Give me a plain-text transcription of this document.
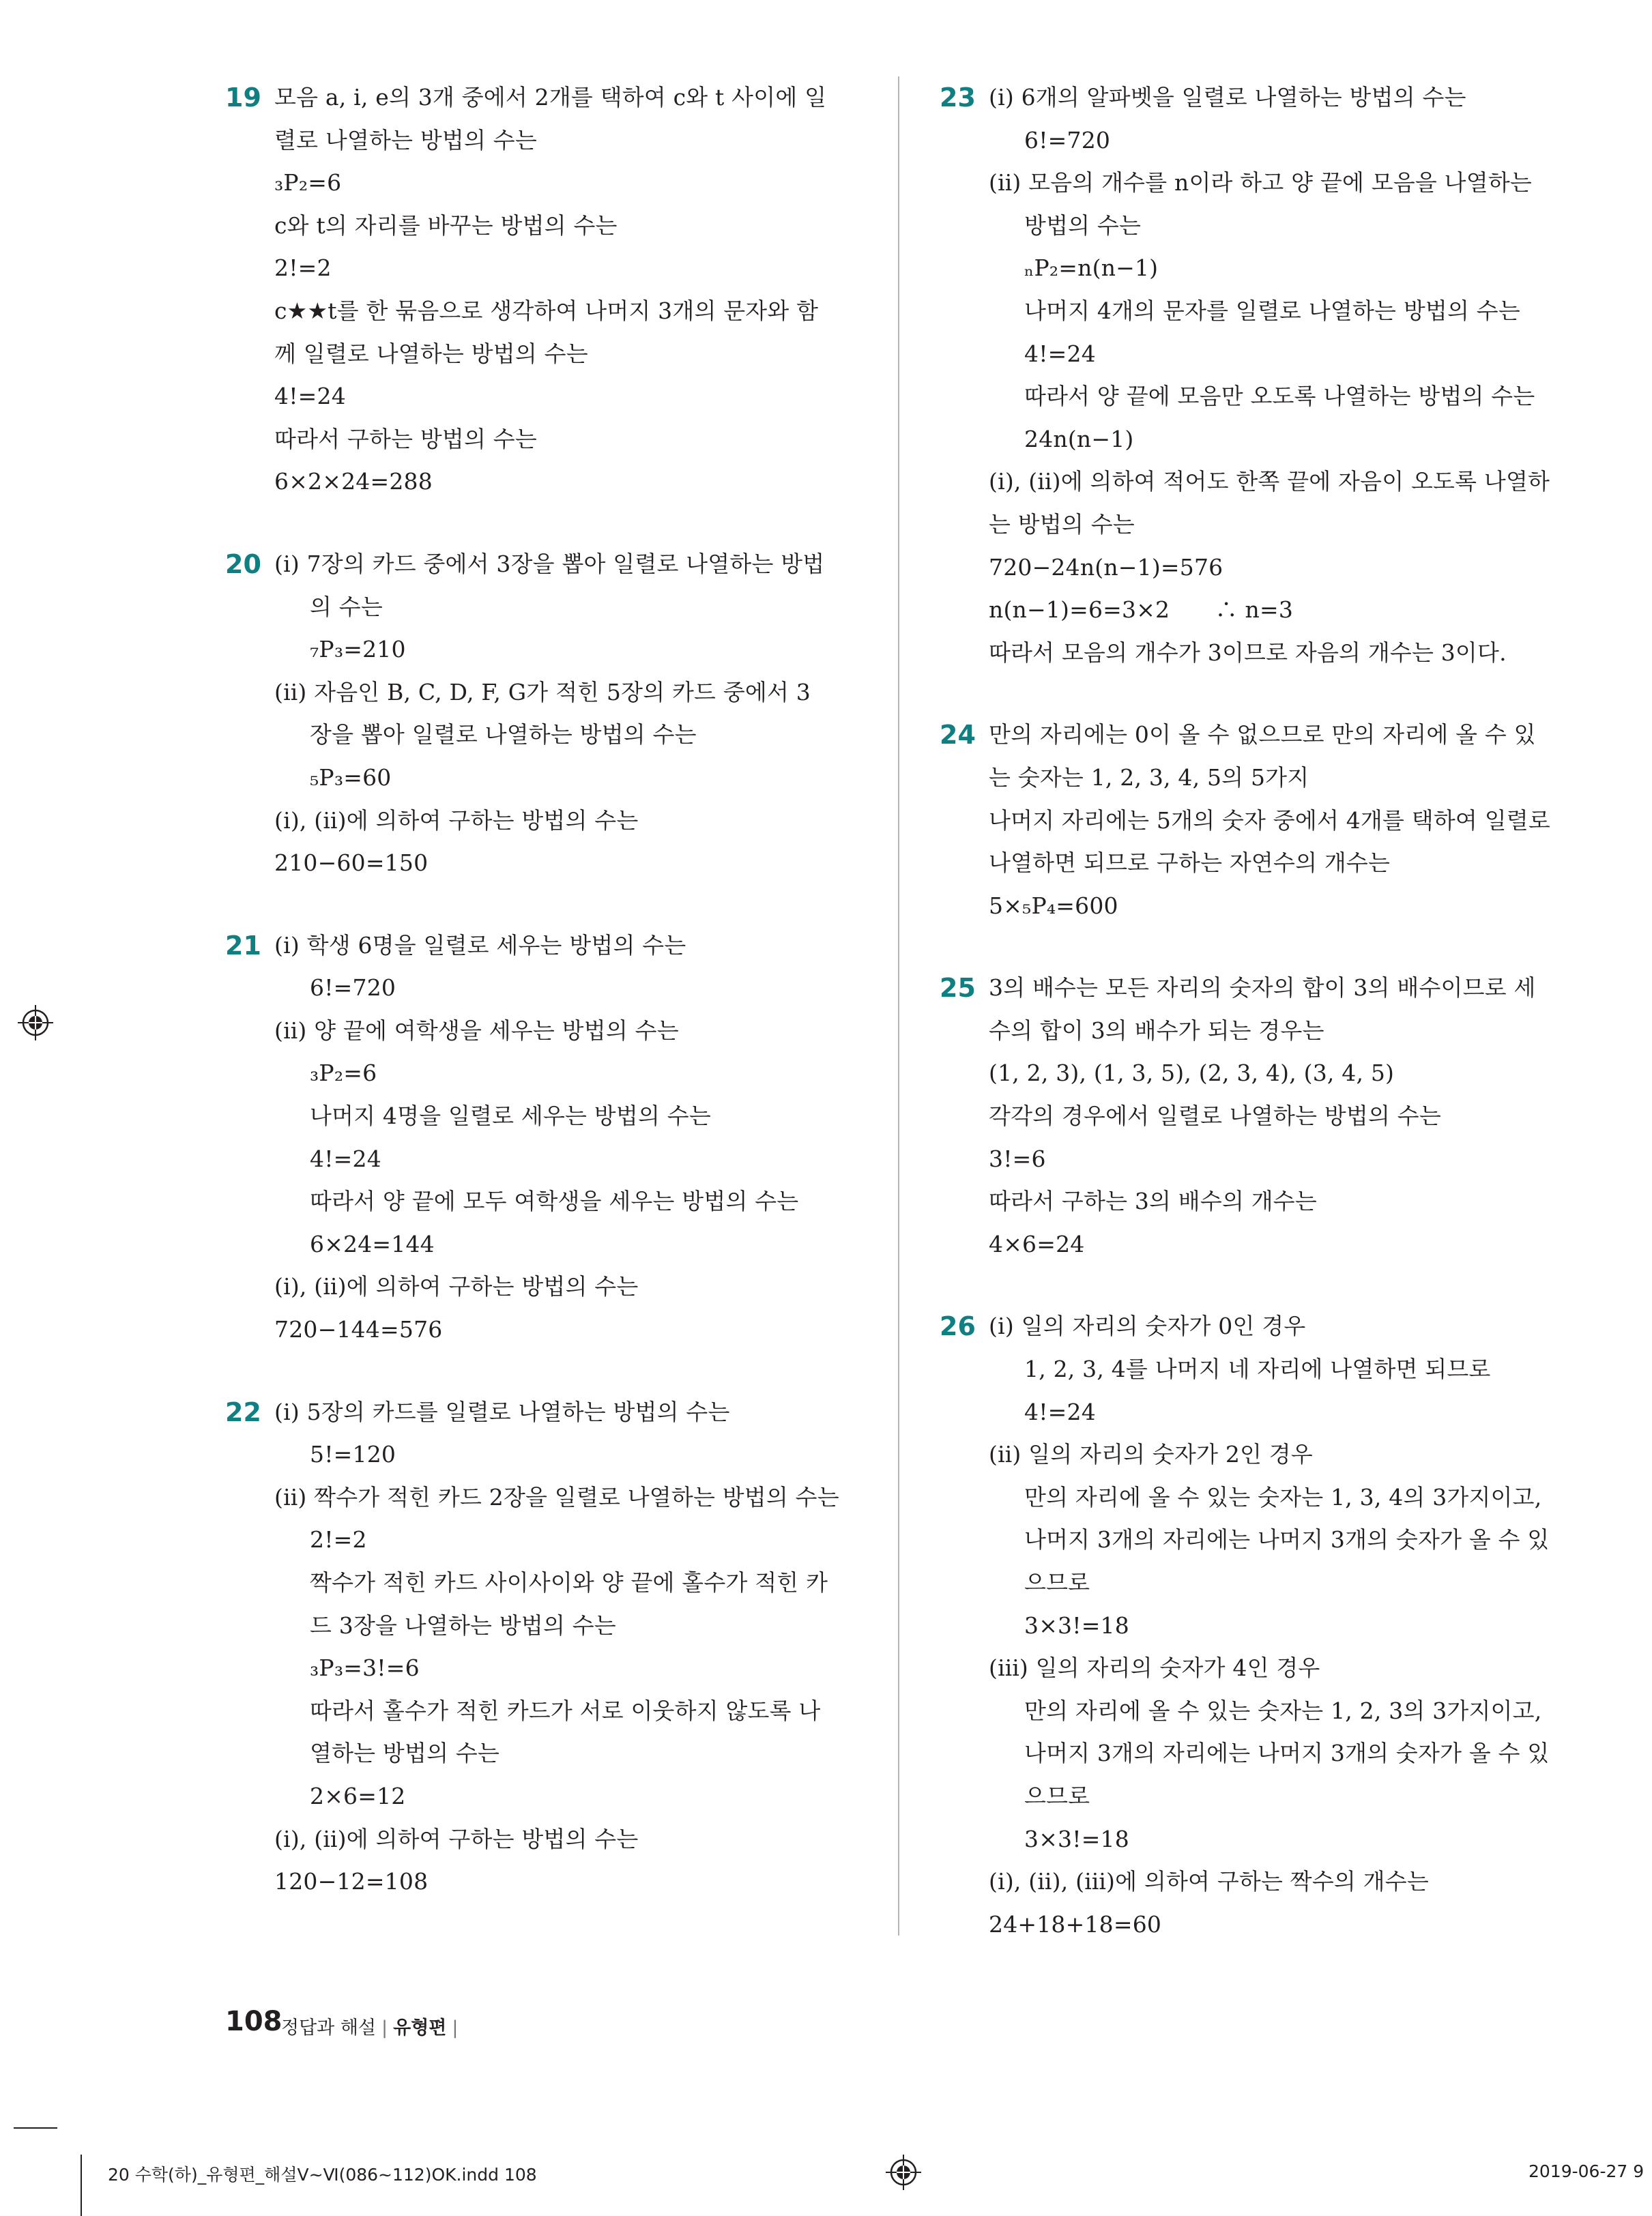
19 모음 a, i, e의 3개 중에서 2개를 택하여 c와 t 사이에 일
렬로 나열하는 방법의 수는
₃P₂=6
c와 t의 자리를 바꾸는 방법의 수는
2!=2
c★★t를 한 묶음으로 생각하여 나머지 3개의 문자와 함
께 일렬로 나열하는 방법의 수는
4!=24
따라서 구하는 방법의 수는
6×2×24=288
20 (ⅰ) 7장의 카드 중에서 3장을 뽑아 일렬로 나열하는 방법
의 수는
₇P₃=210
(ⅱ) 자음인 B, C, D, F, G가 적힌 5장의 카드 중에서 3
장을 뽑아 일렬로 나열하는 방법의 수는
₅P₃=60
(ⅰ), (ⅱ)에 의하여 구하는 방법의 수는
210−60=150
21 (ⅰ) 학생 6명을 일렬로 세우는 방법의 수는
6!=720
(ⅱ) 양 끝에 여학생을 세우는 방법의 수는
₃P₂=6
나머지 4명을 일렬로 세우는 방법의 수는
4!=24
따라서 양 끝에 모두 여학생을 세우는 방법의 수는
6×24=144
(ⅰ), (ⅱ)에 의하여 구하는 방법의 수는
720−144=576
22 (ⅰ) 5장의 카드를 일렬로 나열하는 방법의 수는
5!=120
(ⅱ) 짝수가 적힌 카드 2장을 일렬로 나열하는 방법의 수는
2!=2
짝수가 적힌 카드 사이사이와 양 끝에 홀수가 적힌 카
드 3장을 나열하는 방법의 수는
₃P₃=3!=6
따라서 홀수가 적힌 카드가 서로 이웃하지 않도록 나
열하는 방법의 수는
2×6=12
(ⅰ), (ⅱ)에 의하여 구하는 방법의 수는
120−12=108
23 (ⅰ) 6개의 알파벳을 일렬로 나열하는 방법의 수는
6!=720
(ⅱ) 모음의 개수를 n이라 하고 양 끝에 모음을 나열하는
방법의 수는
ₙP₂=n(n−1)
나머지 4개의 문자를 일렬로 나열하는 방법의 수는
4!=24
따라서 양 끝에 모음만 오도록 나열하는 방법의 수는
24n(n−1)
(ⅰ), (ⅱ)에 의하여 적어도 한쪽 끝에 자음이 오도록 나열하
는 방법의 수는
720−24n(n−1)=576
n(n−1)=6=3×2　　∴ n=3
따라서 모음의 개수가 3이므로 자음의 개수는 3이다.
24 만의 자리에는 0이 올 수 없으므로 만의 자리에 올 수 있
는 숫자는 1, 2, 3, 4, 5의 5가지
나머지 자리에는 5개의 숫자 중에서 4개를 택하여 일렬로
나열하면 되므로 구하는 자연수의 개수는
5×₅P₄=600
25 3의 배수는 모든 자리의 숫자의 합이 3의 배수이므로 세
수의 합이 3의 배수가 되는 경우는
(1, 2, 3), (1, 3, 5), (2, 3, 4), (3, 4, 5)
각각의 경우에서 일렬로 나열하는 방법의 수는
3!=6
따라서 구하는 3의 배수의 개수는
4×6=24
26 (ⅰ) 일의 자리의 숫자가 0인 경우
1, 2, 3, 4를 나머지 네 자리에 나열하면 되므로
4!=24
(ⅱ) 일의 자리의 숫자가 2인 경우
만의 자리에 올 수 있는 숫자는 1, 3, 4의 3가지이고,
나머지 3개의 자리에는 나머지 3개의 숫자가 올 수 있
으므로
3×3!=18
(ⅲ) 일의 자리의 숫자가 4인 경우
만의 자리에 올 수 있는 숫자는 1, 2, 3의 3가지이고,
나머지 3개의 자리에는 나머지 3개의 숫자가 올 수 있
으므로
3×3!=18
(ⅰ), (ⅱ), (ⅲ)에 의하여 구하는 짝수의 개수는
24+18+18=60
108
정답과 해설 | 유형편 |
20 수학(하)_유형편_해설Ⅴ~Ⅵ(086~112)OK.indd 108	2019-06-27 9
